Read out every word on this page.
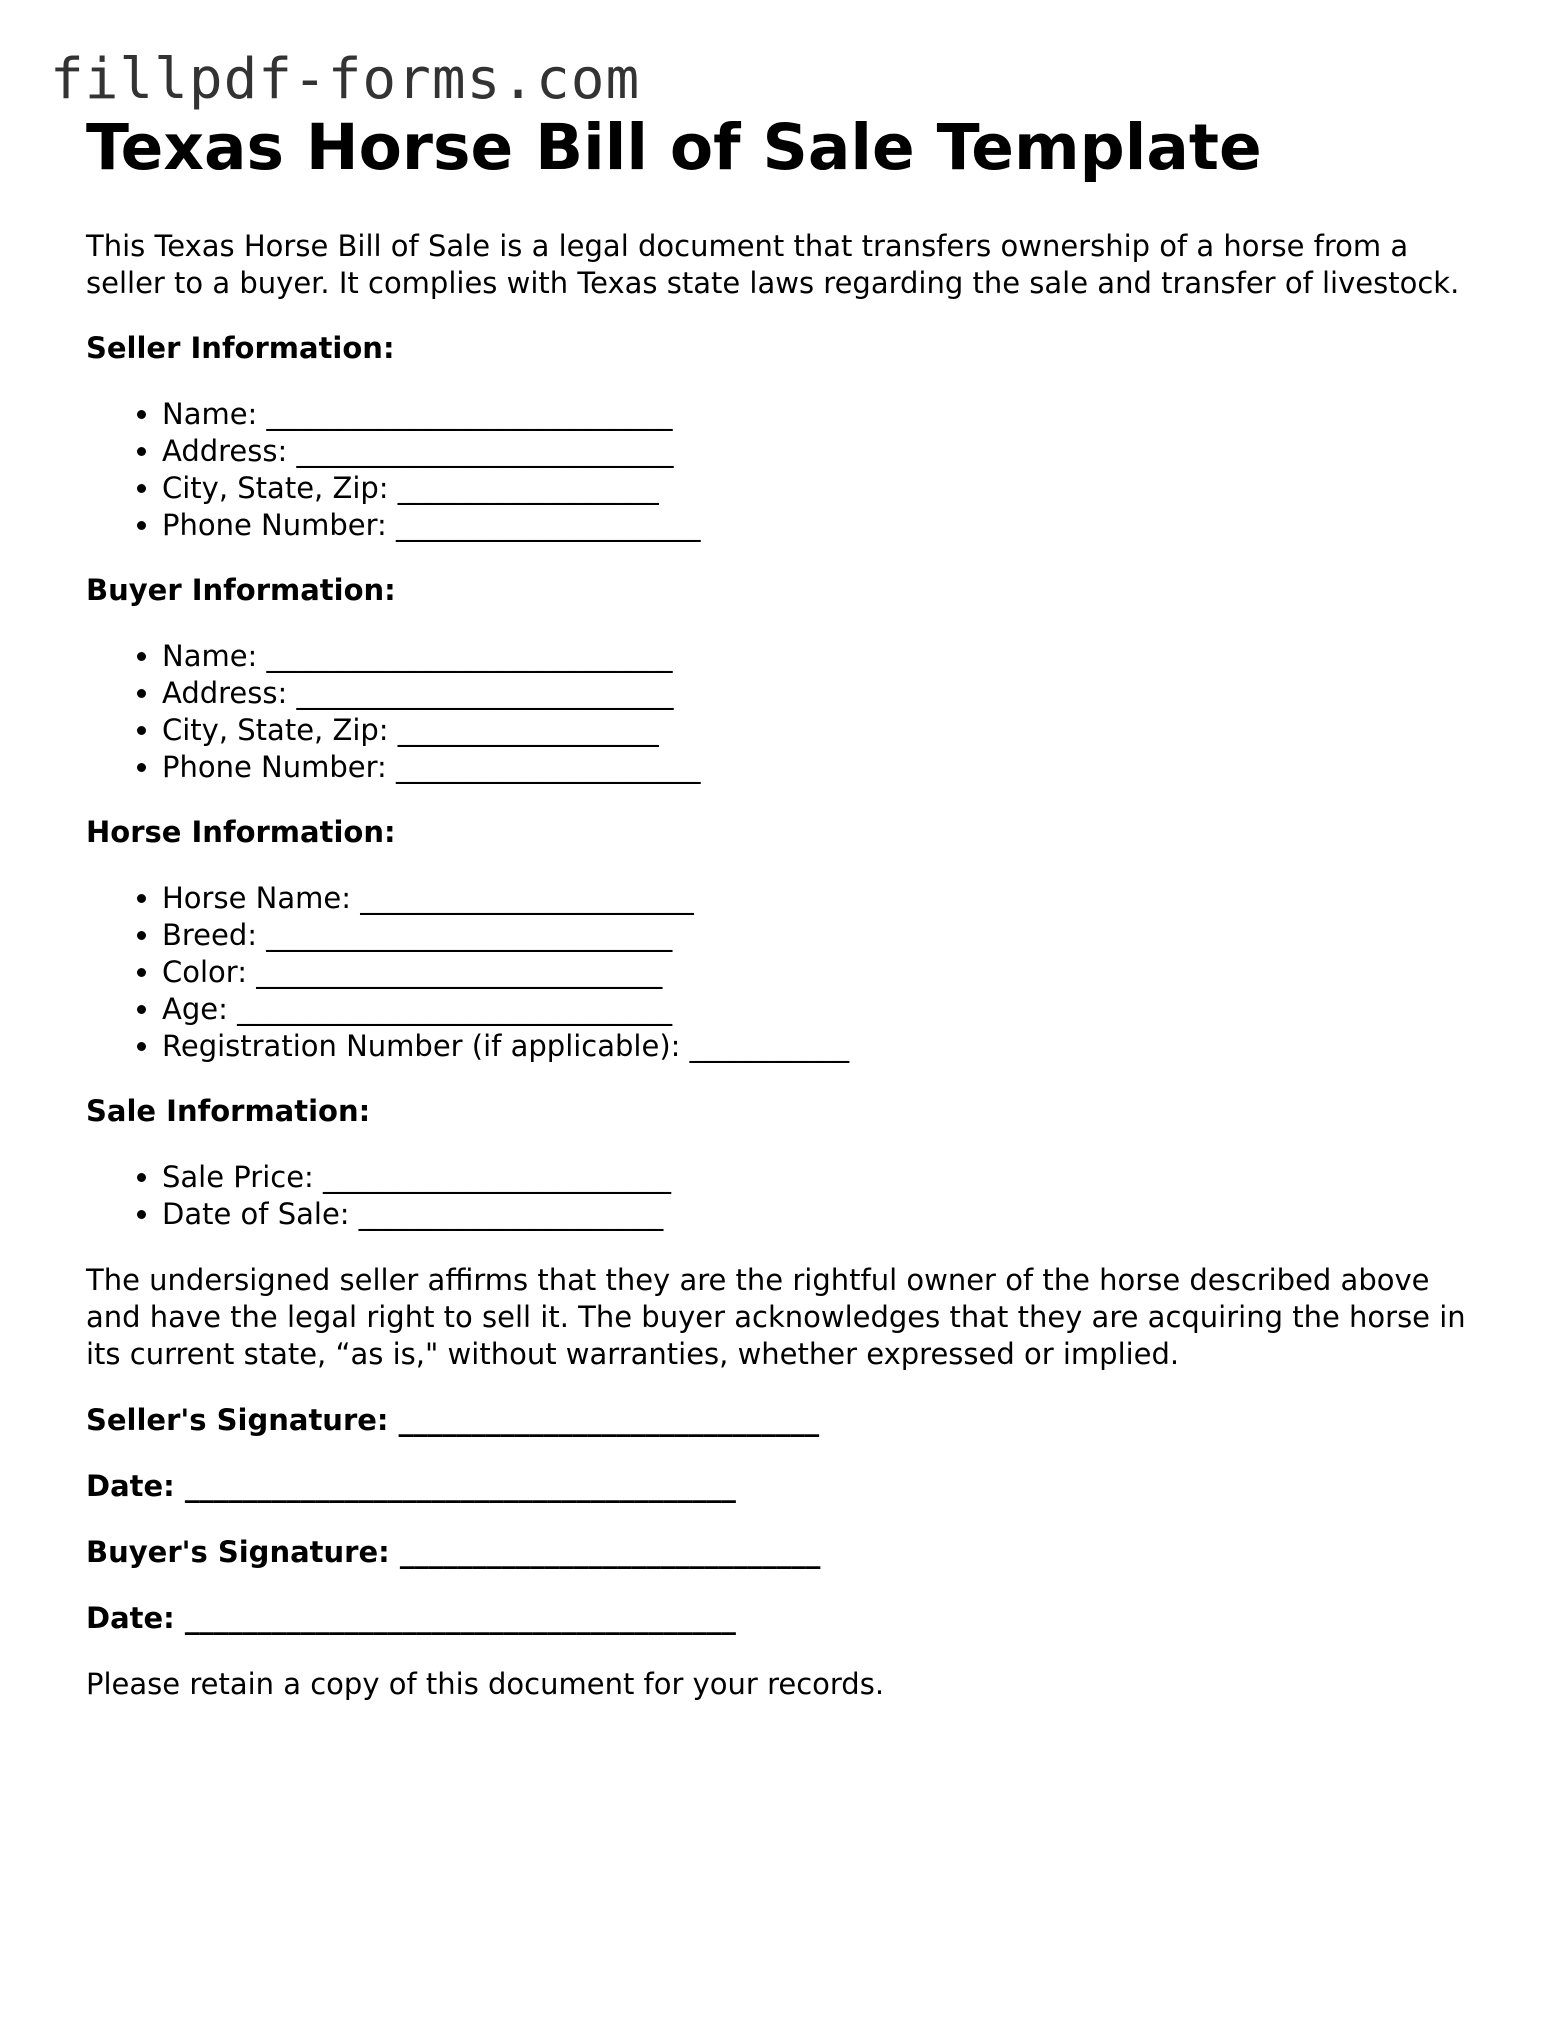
fillpdf-forms.com
Texas Horse Bill of Sale Template

This Texas Horse Bill of Sale is a legal document that transfers ownership of a horse from a seller to a buyer. It complies with Texas state laws regarding the sale and transfer of livestock.

Seller Information:
• Name: ____________________________
• Address: __________________________
• City, State, Zip: __________________
• Phone Number: _____________________
Buyer Information:
• Name: ____________________________
• Address: __________________________
• City, State, Zip: __________________
• Phone Number: _____________________
Horse Information:
• Horse Name: _______________________
• Breed: ____________________________
• Color: ____________________________
• Age: ______________________________
• Registration Number (if applicable): ___________
Sale Information:
• Sale Price: ________________________
• Date of Sale: _____________________

The undersigned seller affirms that they are the rightful owner of the horse described above and have the legal right to sell it. The buyer acknowledges that they are acquiring the horse in its current state, “as is," without warranties, whether expressed or implied.

Seller's Signature: _____________________________
Date: ______________________________________
Buyer's Signature: _____________________________
Date: ______________________________________

Please retain a copy of this document for your records.
